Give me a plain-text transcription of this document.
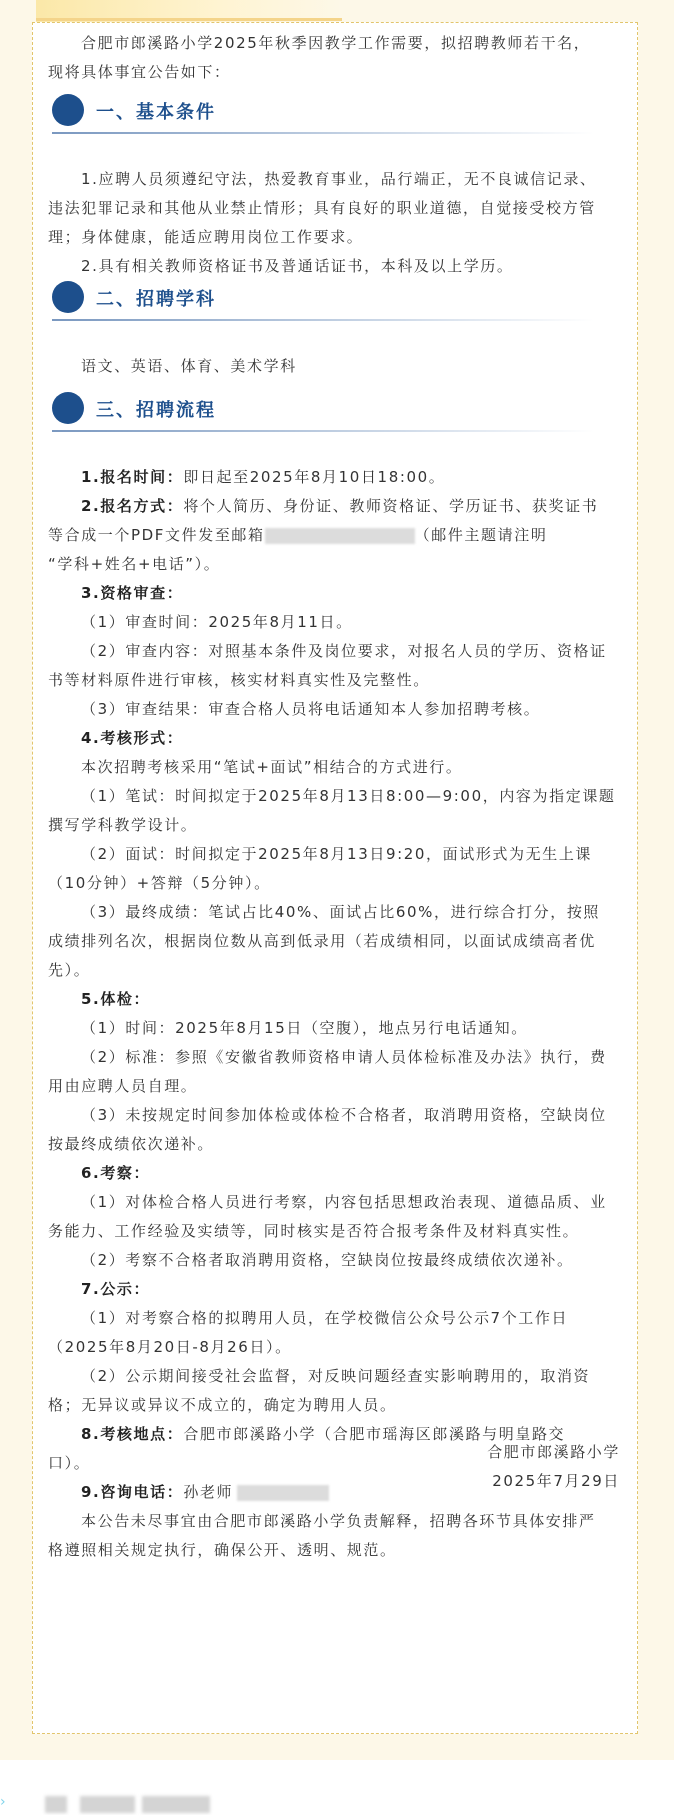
合肥市郎溪路小学2025年秋季因教学工作需要，拟招聘教师若干名，
现将具体事宜公告如下：
一、基本条件
1.应聘人员须遵纪守法，热爱教育事业，品行端正，无不良诚信记录、
违法犯罪记录和其他从业禁止情形；具有良好的职业道德，自觉接受校方管
理；身体健康，能适应聘用岗位工作要求。
2.具有相关教师资格证书及普通话证书，本科及以上学历。
二、招聘学科
语文、英语、体育、美术学科
三、招聘流程
1.报名时间：即日起至2025年8月10日18:00。
2.报名方式：将个人简历、身份证、教师资格证、学历证书、获奖证书
等合成一个PDF文件发至邮箱	（邮件主题请注明
“学科+姓名+电话”）。
3.资格审查：
（1）审查时间：2025年8月11日。
（2）审查内容：对照基本条件及岗位要求，对报名人员的学历、资格证
书等材料原件进行审核，核实材料真实性及完整性。
（3）审查结果：审查合格人员将电话通知本人参加招聘考核。
4.考核形式：
本次招聘考核采用“笔试+面试”相结合的方式进行。
（1）笔试：时间拟定于2025年8月13日8:00—9:00，内容为指定课题
撰写学科教学设计。
（2）面试：时间拟定于2025年8月13日9:20，面试形式为无生上课
（10分钟）+答辩（5分钟）。
（3）最终成绩：笔试占比40%、面试占比60%，进行综合打分，按照
成绩排列名次，根据岗位数从高到低录用（若成绩相同，以面试成绩高者优
先）。
5.体检：
（1）时间：2025年8月15日（空腹），地点另行电话通知。
（2）标准：参照《安徽省教师资格申请人员体检标准及办法》执行，费
用由应聘人员自理。
（3）未按规定时间参加体检或体检不合格者，取消聘用资格，空缺岗位
按最终成绩依次递补。
6.考察：
（1）对体检合格人员进行考察，内容包括思想政治表现、道德品质、业
务能力、工作经验及实绩等，同时核实是否符合报考条件及材料真实性。
（2）考察不合格者取消聘用资格，空缺岗位按最终成绩依次递补。
7.公示：
（1）对考察合格的拟聘用人员，在学校微信公众号公示7个工作日
（2025年8月20日-8月26日）。
（2）公示期间接受社会监督，对反映问题经查实影响聘用的，取消资
格；无异议或异议不成立的，确定为聘用人员。
8.考核地点：合肥市郎溪路小学（合肥市瑶海区郎溪路与明皇路交
口）。
9.咨询电话：孙老师
本公告未尽事宜由合肥市郎溪路小学负责解释，招聘各环节具体安排严
格遵照相关规定执行，确保公开、透明、规范。
合肥市郎溪路小学
2025年7月29日
›
